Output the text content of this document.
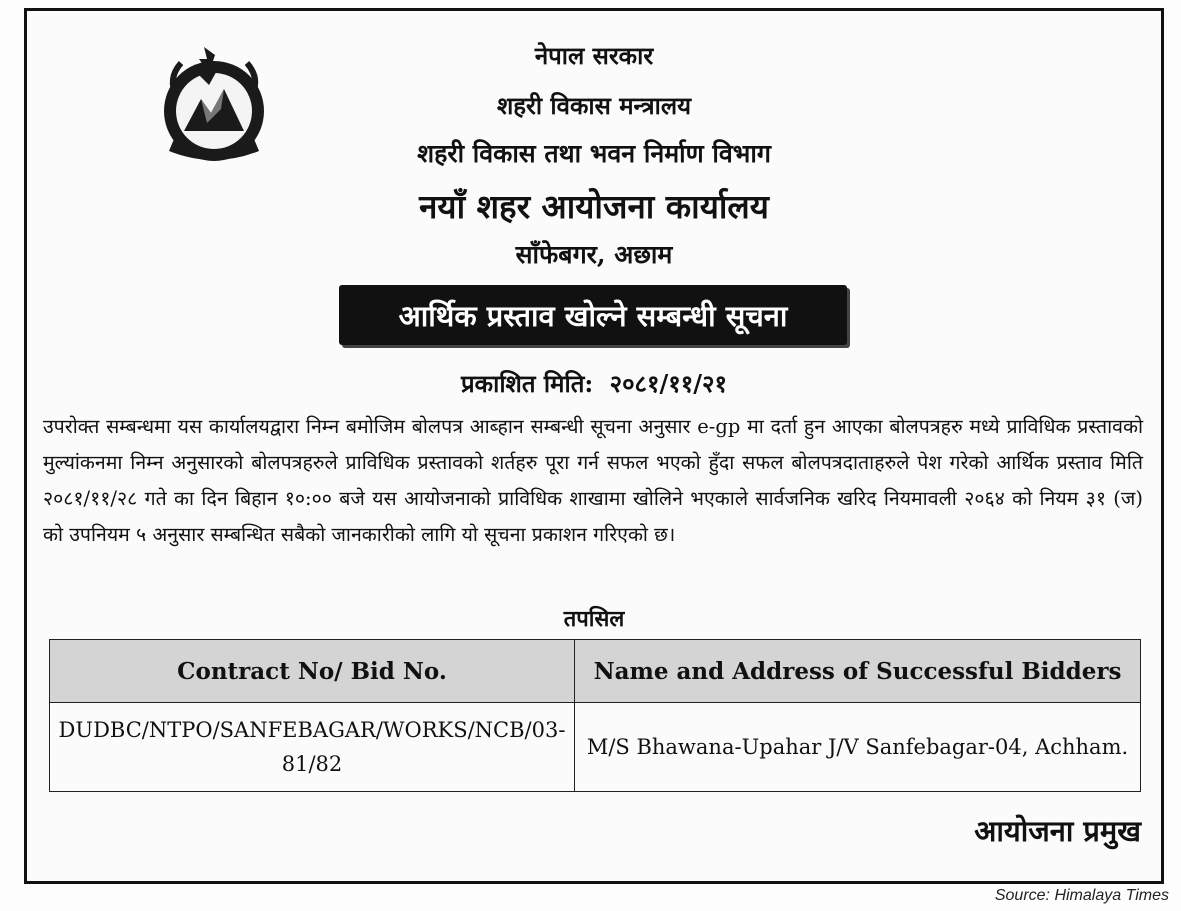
नेपाल सरकार

शहरी विकास मन्त्रालय

शहरी विकास तथा भवन निर्माण विभाग

नयाँ शहर आयोजना कार्यालय

साँफेबगर, अछाम

आर्थिक प्रस्ताव खोल्ने सम्बन्धी सूचना
प्रकाशित मिति: २०८१/११/२१

उपरोक्त सम्बन्धमा यस कार्यालयद्वारा निम्न बमोजिम बोलपत्र आब्हान सम्बन्धी सूचना अनुसार e-gp मा दर्ता हुन आएका बोलपत्रहरु मध्ये प्राविधिक प्रस्तावको मुल्यांकनमा निम्न अनुसारको बोलपत्रहरुले प्राविधिक प्रस्तावको शर्तहरु पूरा गर्न सफल भएको हुँदा सफल बोलपत्रदाताहरुले पेश गरेको आर्थिक प्रस्ताव मिति २०८१/११/२८ गते का दिन बिहान १०:०० बजे यस आयोजनाको प्राविधिक शाखामा खोलिने भएकाले सार्वजनिक खरिद नियमावली २०६४ को नियम ३१ (ज) को उपनियम ५ अनुसार सम्बन्धित सबैको जानकारीको लागि यो सूचना प्रकाशन गरिएको छ।

तपसिल
Contract No/ Bid No.	Name and Address of Successful Bidders
DUDBC/NTPO/SANFEBAGAR/WORKS/NCB/03-81/82	M/S Bhawana-Upahar J/V Sanfebagar-04, Achham.
आयोजना प्रमुख
Source: Himalaya Times
